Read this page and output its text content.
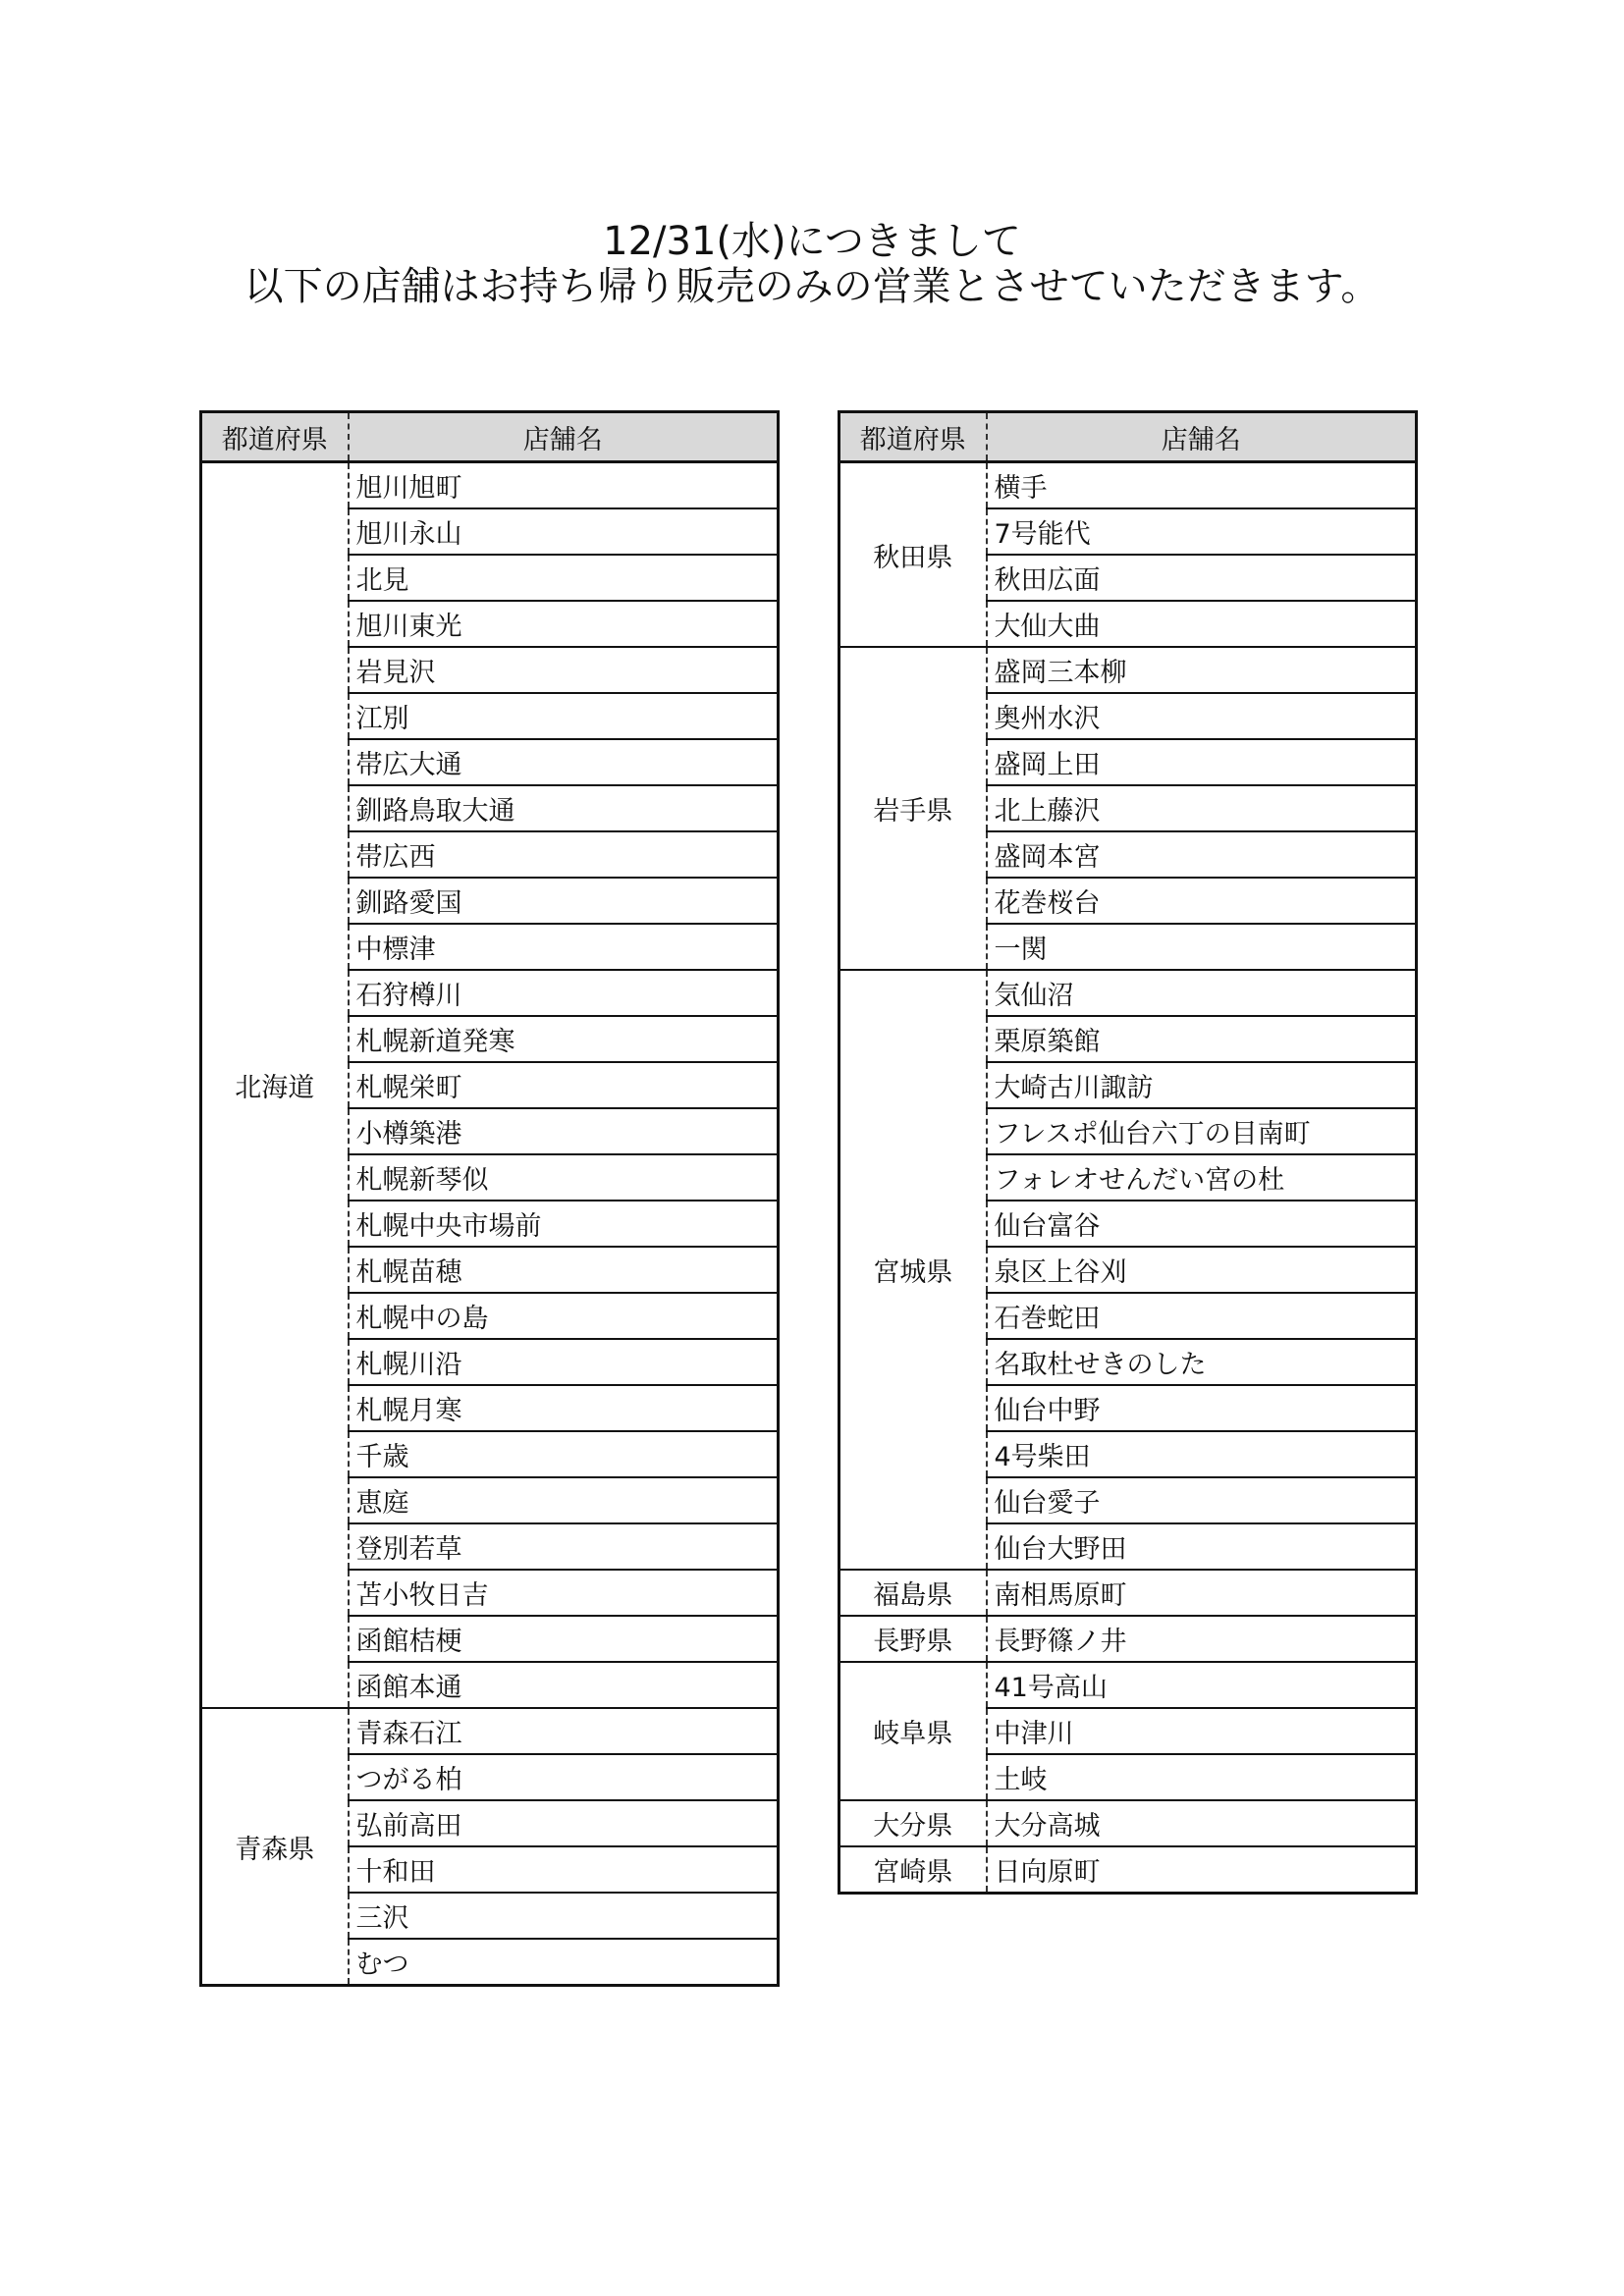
12/31(水)につきまして
以下の店舗はお持ち帰り販売のみの営業とさせていただきます。
都道府県	店舗名
北海道	旭川旭町
	旭川永山
	北見
	旭川東光
	岩見沢
	江別
	帯広大通
	釧路鳥取大通
	帯広西
	釧路愛国
	中標津
	石狩樽川
	札幌新道発寒
	札幌栄町
	小樽築港
	札幌新琴似
	札幌中央市場前
	札幌苗穂
	札幌中の島
	札幌川沿
	札幌月寒
	千歳
	恵庭
	登別若草
	苫小牧日吉
	函館桔梗
	函館本通
青森県	青森石江
	つがる柏
	弘前高田
	十和田
	三沢
	むつ
都道府県	店舗名
秋田県	横手
	7号能代
	秋田広面
	大仙大曲
岩手県	盛岡三本柳
	奥州水沢
	盛岡上田
	北上藤沢
	盛岡本宮
	花巻桜台
	一関
宮城県	気仙沼
	栗原築館
	大崎古川諏訪
	フレスポ仙台六丁の目南町
	フォレオせんだい宮の杜
	仙台富谷
	泉区上谷刈
	石巻蛇田
	名取杜せきのした
	仙台中野
	4号柴田
	仙台愛子
	仙台大野田
福島県	南相馬原町
長野県	長野篠ノ井
岐阜県	41号高山
	中津川
	土岐
大分県	大分高城
宮崎県	日向原町
